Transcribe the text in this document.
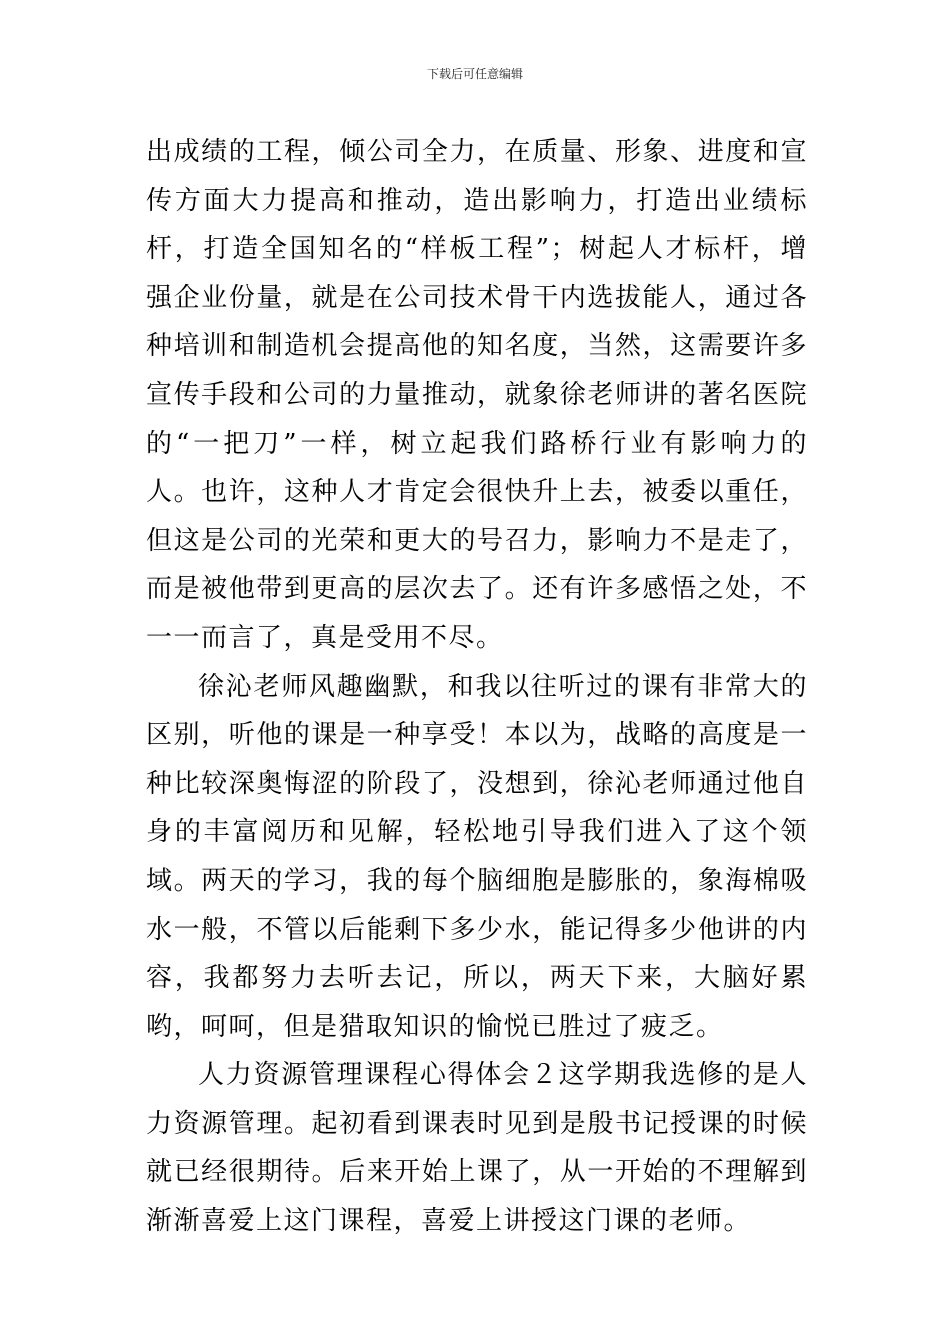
下载后可任意编辑

出成绩的工程，倾公司全力，在质量、形象、进度和宣传方面大力提高和推动，造出影响力，打造出业绩标杆，打造全国知名的“样板工程”；树起人才标杆，增强企业份量，就是在公司技术骨干内选拔能人，通过各种培训和制造机会提高他的知名度，当然，这需要许多宣传手段和公司的力量推动，就象徐老师讲的著名医院的“一把刀”一样，树立起我们路桥行业有影响力的人。也许，这种人才肯定会很快升上去，被委以重任，但这是公司的光荣和更大的号召力，影响力不是走了，而是被他带到更高的层次去了。还有许多感悟之处，不一一而言了，真是受用不尽。

徐沁老师风趣幽默，和我以往听过的课有非常大的区别，听他的课是一种享受！本以为，战略的高度是一种比较深奥悔涩的阶段了，没想到，徐沁老师通过他自身的丰富阅历和见解，轻松地引导我们进入了这个领域。两天的学习，我的每个脑细胞是膨胀的，象海棉吸水一般，不管以后能剩下多少水，能记得多少他讲的内容，我都努力去听去记，所以，两天下来，大脑好累哟，呵呵，但是猎取知识的愉悦已胜过了疲乏。

人力资源管理课程心得体会２这学期我选修的是人力资源管理。起初看到课表时见到是殷书记授课的时候就已经很期待。后来开始上课了，从一开始的不理解到渐渐喜爱上这门课程，喜爱上讲授这门课的老师。
